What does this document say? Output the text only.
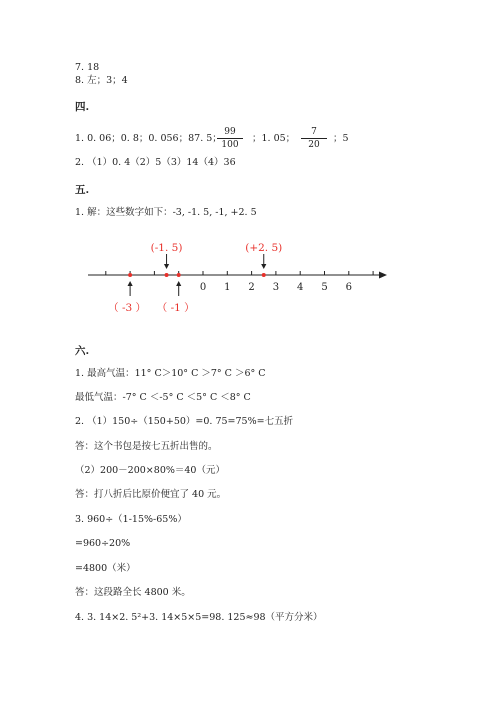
7. 18
8. 左；3；4
四.
1. 0. 06；0. 8；0. 056；87. 5；
$\frac{99}{100}$ ；1. 05； $\frac{7}{20}$ ；5
2. （1）0. 4（2）5（3）14（4）36
五.
1. 解：这些数字如下：-3, -1. 5, -1, +2. 5
0 1 2 3 4 5 6
(-1. 5)	(+2. 5)
（ -3 ） （ -1 ）
六.
1. 最高气温：11° C＞10° C ＞7° C ＞6° C
最低气温：-7° C ＜-5° C ＜5° C ＜8° C
2. （1）150÷（150+50）=0. 75=75%=七五折
答：这个书包是按七五折出售的。
（2）200－200×80%＝40（元）
答：打八折后比原价便宜了 40 元。
3. 960÷（1-15%-65%）
=960÷20%
=4800（米）
答：这段路全长 4800 米。
4. 3. 14×2. 5²+3. 14×5×5=98. 125≈98（平方分米）
